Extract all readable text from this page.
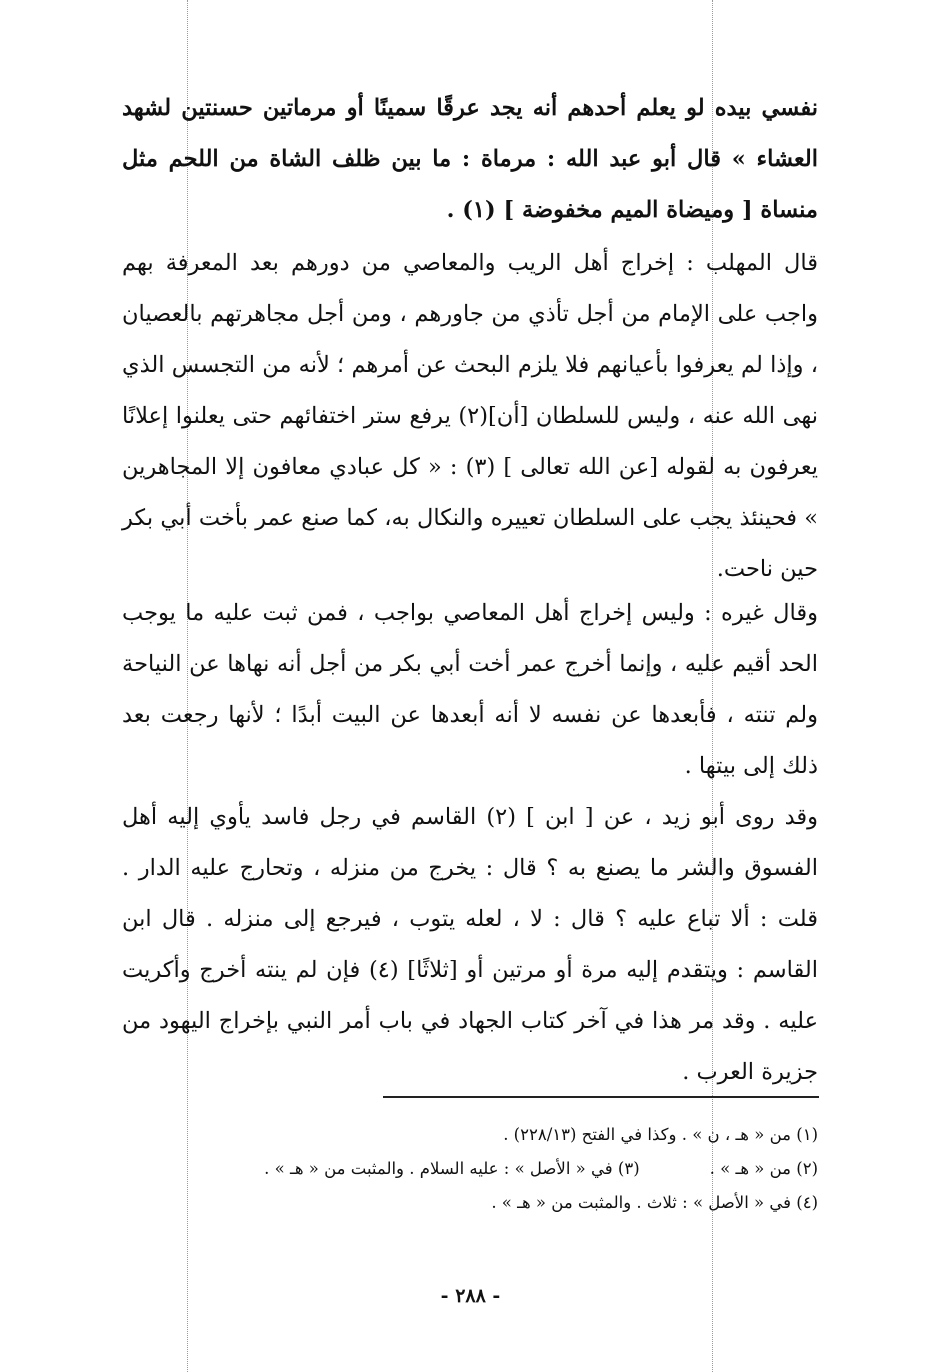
نفسي بيده لو يعلم أحدهم أنه يجد عرقًا سمينًا أو مرماتين حسنتين لشهد العشاء » قال أبو عبد الله : مرماة : ما بين ظلف الشاة من اللحم مثل منساة [ وميضاة الميم مخفوضة ] (١) .

قال المهلب : إخراج أهل الريب والمعاصي من دورهم بعد المعرفة بهم واجب على الإمام من أجل تأذي من جاورهم ، ومن أجل مجاهرتهم بالعصيان ، وإذا لم يعرفوا بأعيانهم فلا يلزم البحث عن أمرهم ؛ لأنه من التجسس الذي نهى الله عنه ، وليس للسلطان [أن](٢) يرفع ستر اختفائهم حتى يعلنوا إعلانًا يعرفون به لقوله [عن الله تعالى ] (٣) : « كل عبادي معافون إلا المجاهرين » فحينئذ يجب على السلطان تعييره والنكال به، كما صنع عمر بأخت أبي بكر حين ناحت.

وقال غيره : وليس إخراج أهل المعاصي بواجب ، فمن ثبت عليه ما يوجب الحد أقيم عليه ، وإنما أخرج عمر أخت أبي بكر من أجل أنه نهاها عن النياحة ولم تنته ، فأبعدها عن نفسه لا أنه أبعدها عن البيت أبدًا ؛ لأنها رجعت بعد ذلك إلى بيتها .

وقد روى أبو زيد ، عن [ ابن ] (٢) القاسم في رجل فاسد يأوي إليه أهل الفسوق والشر ما يصنع به ؟ قال : يخرج من منزله ، وتحارج عليه الدار . قلت : ألا تباع عليه ؟ قال : لا ، لعله يتوب ، فيرجع إلى منزله . قال ابن القاسم : ويتقدم إليه مرة أو مرتين أو [ثلاثًا] (٤) فإن لم ينته أخرج وأكريت عليه . وقد مر هذا في آخر كتاب الجهاد في باب أمر النبي بإخراج اليهود من جزيرة العرب .

(١) من « هـ ، ن » . وكذا في الفتح (٢٢٨/١٣) .

(٢) من « هـ » .(٣) في « الأصل » : عليه السلام . والمثبت من « هـ » .

(٤) في « الأصل » : ثلاث . والمثبت من « هـ » .

- ٢٨٨ -
